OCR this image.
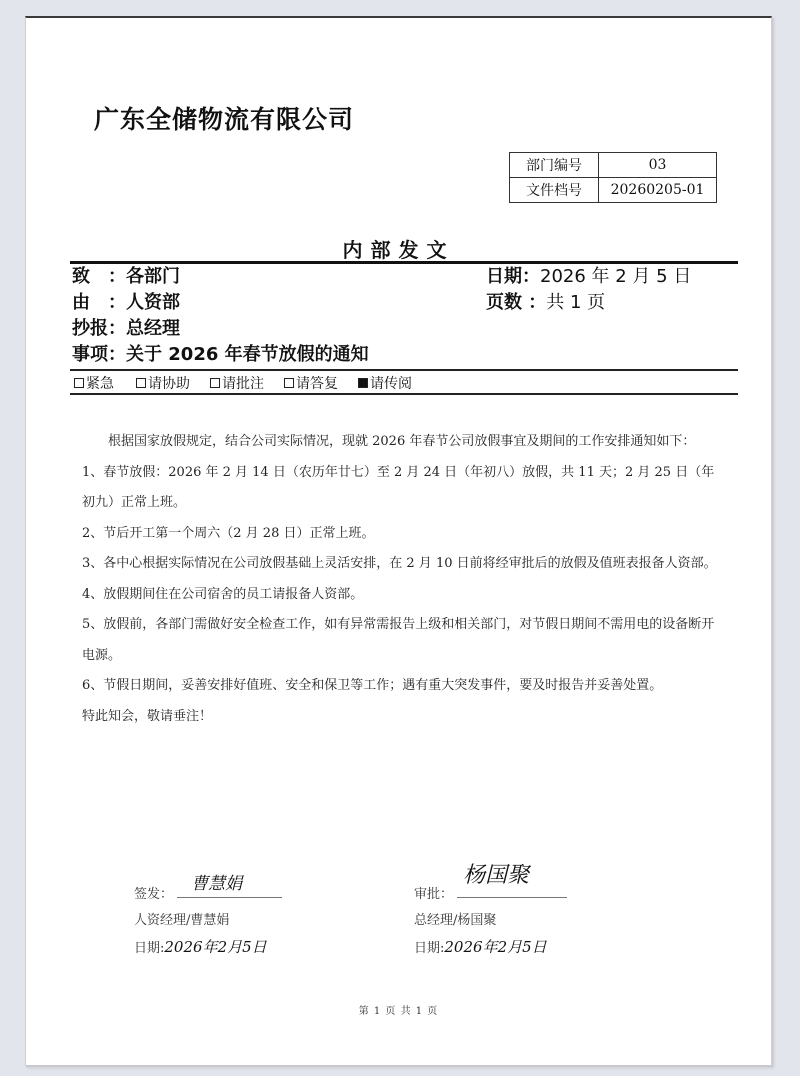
广东全储物流有限公司
部门编号	03
文件档号	20260205-01
内部发文
致　：各部门
由　：人资部
抄报：总经理
事项：关于 2026 年春节放假的通知
日期：2026 年 2 月 5 日
页数 ：共 1 页
紧急 请协助 请批注 请答复 请传阅

根据国家放假规定，结合公司实际情况，现就 2026 年春节公司放假事宜及期间的工作安排通知如下：

1、春节放假：2026 年 2 月 14 日（农历年廿七）至 2 月 24 日（年初八）放假，共 11 天；2 月 25 日（年初九）正常上班。

2、节后开工第一个周六（2 月 28 日）正常上班。

3、各中心根据实际情况在公司放假基础上灵活安排，在 2 月 10 日前将经审批后的放假及值班表报备人资部。

4、放假期间住在公司宿舍的员工请报备人资部。

5、放假前，各部门需做好安全检查工作，如有异常需报告上级和相关部门，对节假日期间不需用电的设备断开电源。

6、节假日期间，妥善安排好值班、安全和保卫等工作；遇有重大突发事件，要及时报告并妥善处置。

特此知会，敬请垂注！

签发：
曹慧娟
人资经理/曹慧娟
日期:2026年2月5日
审批：
杨国聚
总经理/杨国聚
日期:2026年2月5日
第 1 页 共 1 页
